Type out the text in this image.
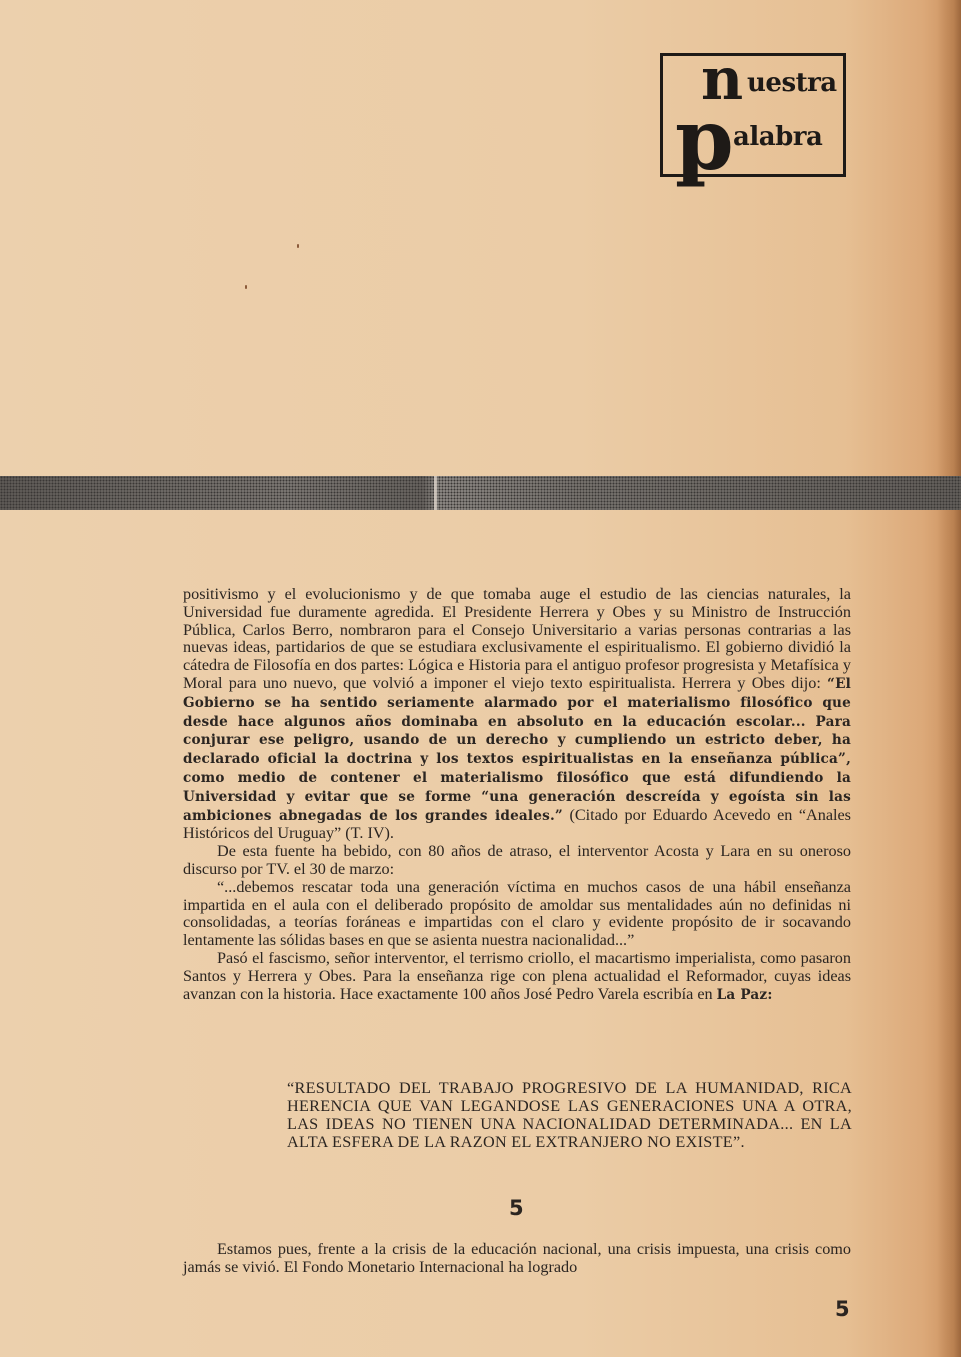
n uestra
p alabra

positivismo y el evolucionismo y de que tomaba auge el estudio de las ciencias naturales, la Universidad fue duramente agredida. El Presidente Herrera y Obes y su Ministro de Instrucción Pública, Carlos Berro, nombraron para el Consejo Universitario a varias personas contrarias a las nuevas ideas, partidarios de que se estudiara exclusivamente el espiritualismo. El gobierno dividió la cátedra de Filosofía en dos partes: Lógica e Historia para el antiguo profesor progresista y Metafísica y Moral para uno nuevo, que volvió a imponer el viejo texto espiritualista. Herrera y Obes dijo: “El Gobierno se ha sentido seriamente alarmado por el materialismo filosófico que desde hace algunos años dominaba en absoluto en la educación escolar... Para conjurar ese peligro, usando de un derecho y cumpliendo un estricto deber, ha declarado oficial la doctrina y los textos espiritualistas en la enseñanza pública”, como medio de contener el materialismo filosófico que está difundiendo la Universidad y evitar que se forme “una generación descreída y egoísta sin las ambiciones abnegadas de los grandes ideales.” (Citado por Eduardo Acevedo en “Anales Históricos del Uruguay” (T. IV).

De esta fuente ha bebido, con 80 años de atraso, el interventor Acosta y Lara en su oneroso discurso por TV. el 30 de marzo:

“...debemos rescatar toda una generación víctima en muchos casos de una hábil enseñanza impartida en el aula con el deliberado propósito de amoldar sus mentalidades aún no definidas ni consolidadas, a teorías foráneas e impartidas con el claro y evidente propósito de ir socavando lentamente las sólidas bases en que se asienta nuestra nacionalidad...”

Pasó el fascismo, señor interventor, el terrismo criollo, el macartismo imperialista, como pasaron Santos y Herrera y Obes. Para la enseñanza rige con plena actualidad el Reformador, cuyas ideas avanzan con la historia. Hace exactamente 100 años José Pedro Varela escribía en La Paz:

“RESULTADO DEL TRABAJO PROGRESIVO DE LA HUMANIDAD, RICA HERENCIA QUE VAN LEGANDOSE LAS GENERACIONES UNA A OTRA, LAS IDEAS NO TIENEN UNA NACIONALIDAD DETERMINADA... EN LA ALTA ESFERA DE LA RAZON EL EXTRANJERO NO EXISTE”.
5

Estamos pues, frente a la crisis de la educación nacional, una crisis impuesta, una crisis como jamás se vivió. El Fondo Monetario Internacional ha logrado

5
